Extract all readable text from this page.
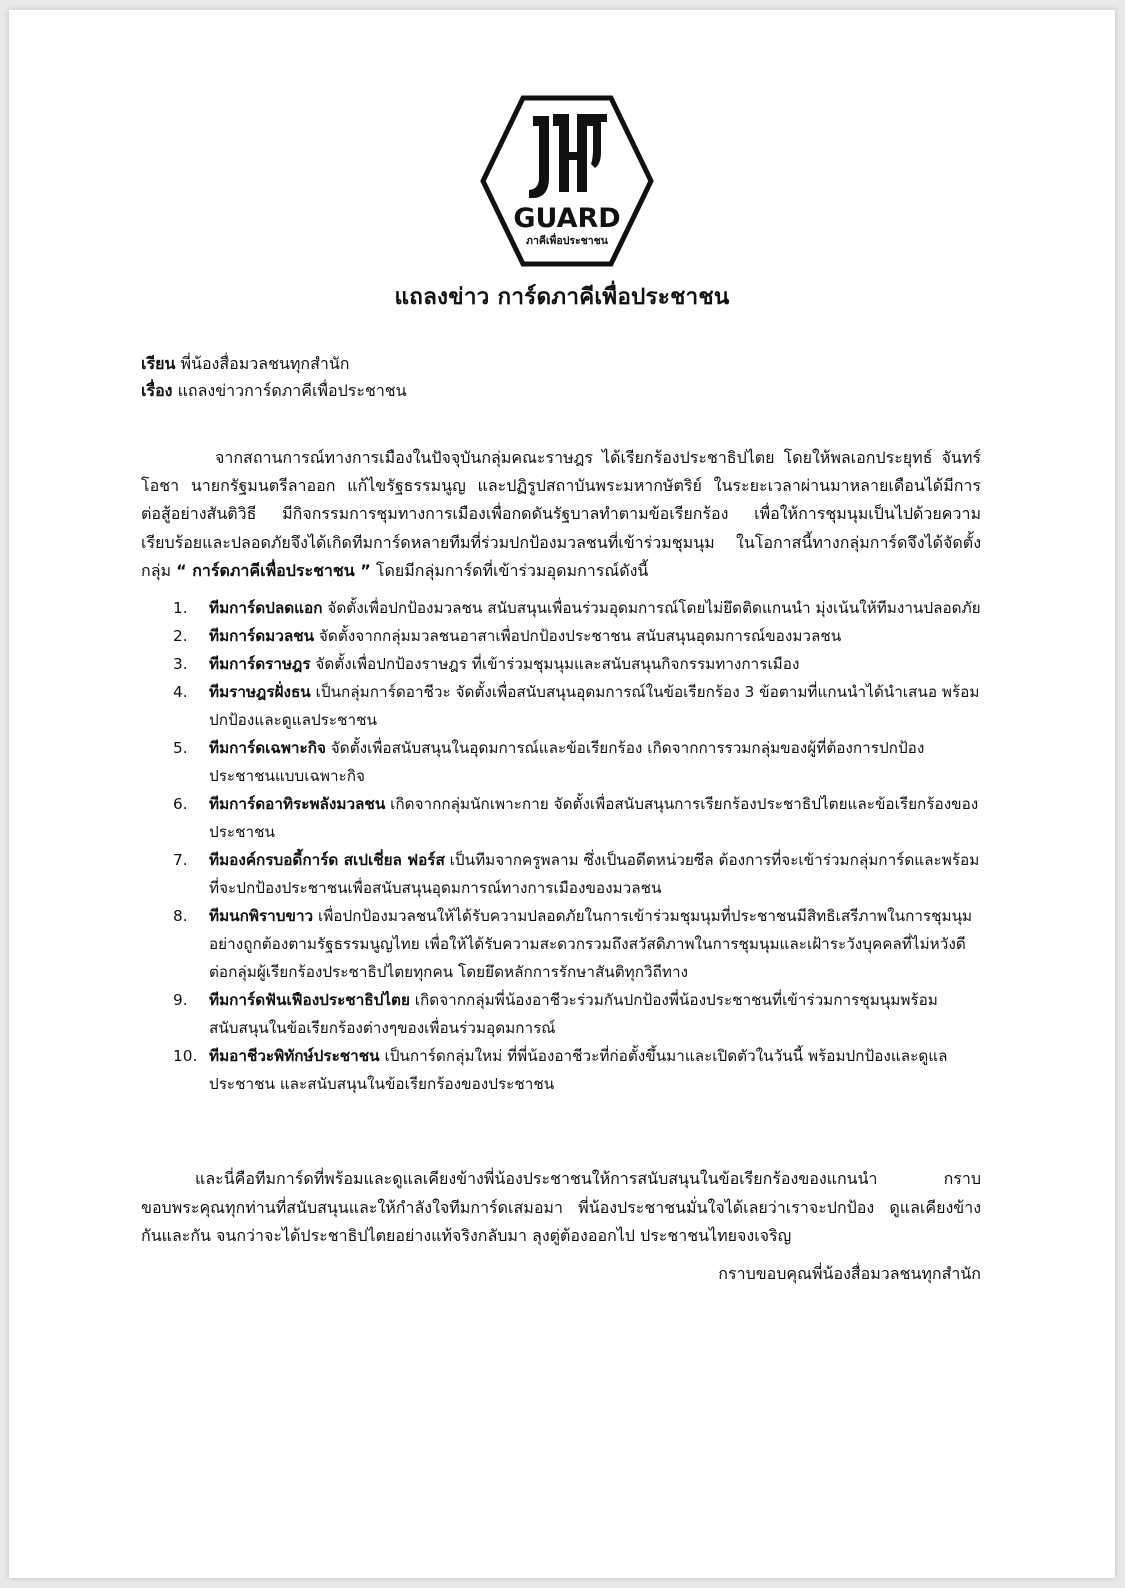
GUARD
ภาคีเพื่อประชาชน
แถลงข่าว การ์ดภาคีเพื่อประชาชน
เรียน พี่น้องสื่อมวลชนทุกสำนัก
เรื่อง แถลงข่าวการ์ดภาคีเพื่อประชาชน

จากสถานการณ์ทางการเมืองในปัจจุบันกลุ่มคณะราษฎร ได้เรียกร้องประชาธิปไตย โดยให้พลเอกประยุทธ์ จันทร์โอชา นายกรัฐมนตรีลาออก แก้ไขรัฐธรรมนูญ และปฏิรูปสถาบันพระมหากษัตริย์ ในระยะเวลาผ่านมาหลายเดือนได้มีการต่อสู้อย่างสันติวิธี มีกิจกรรมการชุมทางการเมืองเพื่อกดดันรัฐบาลทำตามข้อเรียกร้อง เพื่อให้การชุมนุมเป็นไปด้วยความเรียบร้อยและปลอดภัยจึงได้เกิดทีมการ์ดหลายทีมที่ร่วมปกป้องมวลชนที่เข้าร่วมชุมนุม ในโอกาสนี้ทางกลุ่มการ์ดจึงได้จัดตั้งกลุ่ม “ การ์ดภาคีเพื่อประชาชน ” โดยมีกลุ่มการ์ดที่เข้าร่วมอุดมการณ์ดังนี้

1. ทีมการ์ดปลดแอก จัดตั้งเพื่อปกป้องมวลชน สนับสนุนเพื่อนร่วมอุดมการณ์โดยไม่ยึดติดแกนนำ มุ่งเน้นให้ทีมงานปลอดภัย
2. ทีมการ์ดมวลชน จัดตั้งจากกลุ่มมวลชนอาสาเพื่อปกป้องประชาชน สนับสนุนอุดมการณ์ของมวลชน
3. ทีมการ์ดราษฎร จัดตั้งเพื่อปกป้องราษฎร ที่เข้าร่วมชุมนุมและสนับสนุนกิจกรรมทางการเมือง
4. ทีมราษฎรฝั่งธน เป็นกลุ่มการ์ดอาชีวะ จัดตั้งเพื่อสนับสนุนอุดมการณ์ในข้อเรียกร้อง 3 ข้อตามที่แกนนำได้นำเสนอ พร้อมปกป้องและดูแลประชาชน
5. ทีมการ์ดเฉพาะกิจ จัดตั้งเพื่อสนับสนุนในอุดมการณ์และข้อเรียกร้อง เกิดจากการรวมกลุ่มของผู้ที่ต้องการปกป้องประชาชนแบบเฉพาะกิจ
6. ทีมการ์ดอาทิระพลังมวลชน เกิดจากกลุ่มนักเพาะกาย จัดตั้งเพื่อสนับสนุนการเรียกร้องประชาธิปไตยและข้อเรียกร้องของประชาชน
7. ทีมองค์กรบอดี้การ์ด สเปเชี่ยล ฟอร์ส เป็นทีมจากครูพลาม ซึ่งเป็นอดีตหน่วยซีล ต้องการที่จะเข้าร่วมกลุ่มการ์ดและพร้อมที่จะปกป้องประชาชนเพื่อสนับสนุนอุดมการณ์ทางการเมืองของมวลชน
8. ทีมนกพิราบขาว เพื่อปกป้องมวลชนให้ได้รับความปลอดภัยในการเข้าร่วมชุมนุมที่ประชาชนมีสิทธิเสรีภาพในการชุมนุมอย่างถูกต้องตามรัฐธรรมนูญไทย เพื่อให้ได้รับความสะดวกรวมถึงสวัสดิภาพในการชุมนุมและเฝ้าระวังบุคคลที่ไม่หวังดีต่อกลุ่มผู้เรียกร้องประชาธิปไตยทุกคน โดยยึดหลักการรักษาสันติทุกวิถีทาง
9. ทีมการ์ดฟันเฟืองประชาธิปไตย เกิดจากกลุ่มพี่น้องอาชีวะร่วมกันปกป้องพี่น้องประชาชนที่เข้าร่วมการชุมนุมพร้อมสนับสนุนในข้อเรียกร้องต่างๆของเพื่อนร่วมอุดมการณ์
10. ทีมอาชีวะพิทักษ์ประชาชน เป็นการ์ดกลุ่มใหม่ ที่พี่น้องอาชีวะที่ก่อตั้งขึ้นมาและเปิดตัวในวันนี้ พร้อมปกป้องและดูแลประชาชน และสนับสนุนในข้อเรียกร้องของประชาชน

และนี่คือทีมการ์ดที่พร้อมและดูแลเคียงข้างพี่น้องประชาชนให้การสนับสนุนในข้อเรียกร้องของแกนนำ กราบขอบพระคุณทุกท่านที่สนับสนุนและให้กำลังใจทีมการ์ดเสมอมา พี่น้องประชาชนมั่นใจได้เลยว่าเราจะปกป้อง ดูแลเคียงข้างกันและกัน จนกว่าจะได้ประชาธิปไตยอย่างแท้จริงกลับมา ลุงตู่ต้องออกไป ประชาชนไทยจงเจริญ

กราบขอบคุณพี่น้องสื่อมวลชนทุกสำนัก
